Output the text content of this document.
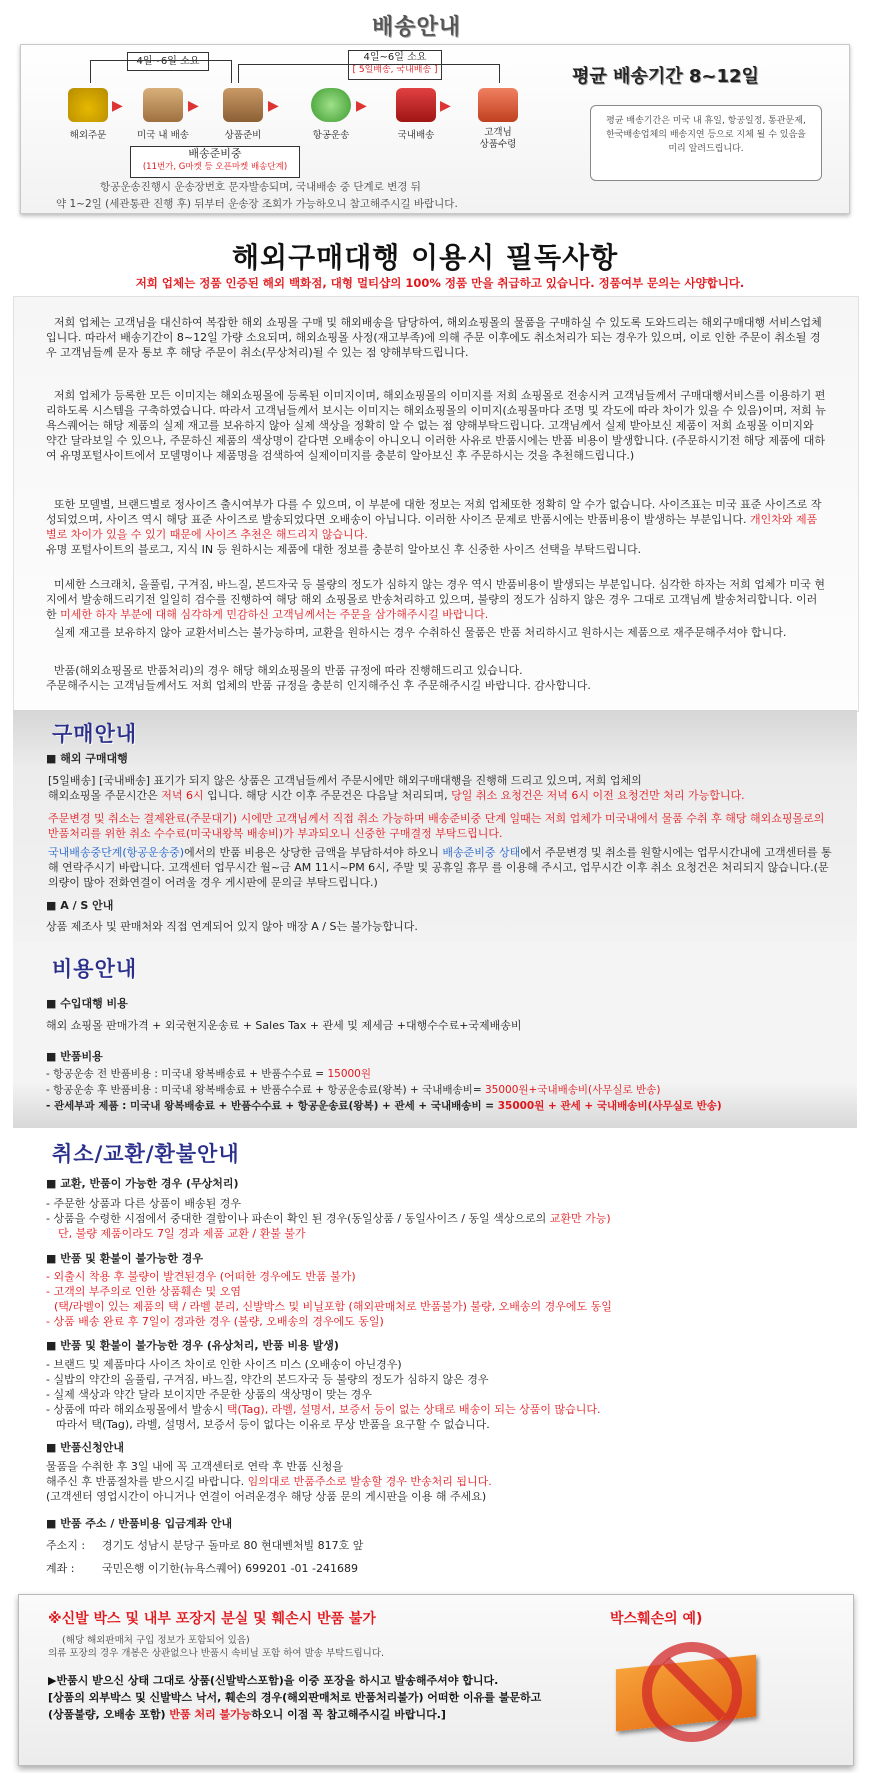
배송안내
4일~6일 소요	4일~6일 소요
[ 5일배송, 국내배송 ]
▶	▶	▶	▶	▶
해외주문	미국 내 배송	상품준비	항공운송	국내배송	고객님
상품수령
배송준비중
(11번가, G마켓 등 오픈마켓 배송단계)
항공운송진행시 운송장번호 문자발송되며, 국내배송 중 단계로 변경 뒤
약 1~2일 (세관통관 진행 후) 뒤부터 운송장 조회가 가능하오니 참고해주시길 바랍니다.
평균 배송기간 8~12일
평균 배송기간은 미국 내 휴일, 항공일정, 통관문제, 한국배송업체의 배송지연 등으로 지체 될 수 있음을 미리 알려드립니다.
해외구매대행 이용시 필독사항
저희 업체는 정품 인증된 해외 백화점, 대형 멀티샵의 100% 정품 만을 취급하고 있습니다. 정품여부 문의는 사양합니다.
저희 업체는 고객님을 대신하여 복잡한 해외 쇼핑몰 구매 및 해외배송을 담당하여, 해외쇼핑몰의 물품을 구매하실 수 있도록 도와드리는 해외구매대행 서비스업체입니다. 따라서 배송기간이 8~12일 가량 소요되며, 해외쇼핑몰 사정(재고부족)에 의해 주문 이후에도 취소처리가 되는 경우가 있으며, 이로 인한 주문이 취소될 경우 고객님들께 문자 통보 후 해당 주문이 취소(무상처리)될 수 있는 점 양해부탁드립니다.
저희 업체가 등록한 모든 이미지는 해외쇼핑몰에 등록된 이미지이며, 해외쇼핑몰의 이미지를 저희 쇼핑몰로 전송시켜 고객님들께서 구매대행서비스를 이용하기 편리하도록 시스템을 구축하였습니다. 따라서 고객님들께서 보시는 이미지는 해외쇼핑몰의 이미지(쇼핑몰마다 조명 및 각도에 따라 차이가 있을 수 있음)이며, 저희 뉴욕스퀘어는 해당 제품의 실제 재고를 보유하지 않아 실제 색상을 정확히 알 수 없는 점 양해부탁드립니다. 고객님께서 실제 받아보신 제품이 저희 쇼핑몰 이미지와 약간 달라보일 수 있으나, 주문하신 제품의 색상명이 같다면 오배송이 아니오니 이러한 사유로 반품시에는 반품 비용이 발생합니다. (주문하시기전 해당 제품에 대하여 유명포털사이트에서 모델명이나 제품명을 검색하여 실제이미지를 충분히 알아보신 후 주문하시는 것을 추천해드립니다.)
또한 모델별, 브랜드별로 정사이즈 출시여부가 다를 수 있으며, 이 부분에 대한 정보는 저희 업체또한 정확히 알 수가 없습니다. 사이즈표는 미국 표준 사이즈로 작성되었으며, 사이즈 역시 해당 표준 사이즈로 발송되었다면 오배송이 아닙니다. 이러한 사이즈 문제로 반품시에는 반품비용이 발생하는 부분입니다. 개인차와 제품별로 차이가 있을 수 있기 때문에 사이즈 추천은 해드리지 않습니다.
유명 포털사이트의 블로그, 지식 IN 등 원하시는 제품에 대한 정보를 충분히 알아보신 후 신중한 사이즈 선택을 부탁드립니다.
미세한 스크래치, 올풀림, 구겨짐, 바느질, 본드자국 등 불량의 정도가 심하지 않는 경우 역시 반품비용이 발생되는 부분입니다. 심각한 하자는 저희 업체가 미국 현지에서 발송해드리기전 일일히 검수를 진행하여 해당 해외 쇼핑몰로 반송처리하고 있으며, 불량의 정도가 심하지 않은 경우 그대로 고객님께 발송처리합니다. 이러한 미세한 하자 부분에 대해 심각하게 민감하신 고객님께서는 주문을 삼가해주시길 바랍니다.
실제 재고를 보유하지 않아 교환서비스는 불가능하며, 교환을 원하시는 경우 수취하신 물품은 반품 처리하시고 원하시는 제품으로 재주문해주셔야 합니다.
반품(해외쇼핑몰로 반품처리)의 경우 해당 해외쇼핑몰의 반품 규정에 따라 진행해드리고 있습니다.
주문해주시는 고객님들께서도 저희 업체의 반품 규정을 충분히 인지해주신 후 주문해주시길 바랍니다. 감사합니다.
구매안내
■ 해외 구매대행
[5일배송] [국내배송] 표기가 되지 않은 상품은 고객님들께서 주문시에만 해외구매대행을 진행해 드리고 있으며, 저희 업체의
해외쇼핑몰 주문시간은 저녁 6시 입니다. 해당 시간 이후 주문건은 다음날 처리되며, 당일 취소 요청건은 저녁 6시 이전 요청건만 처리 가능합니다.
주문변경 및 취소는 결제완료(주문대기) 시에만 고객님께서 직접 취소 가능하며 배송준비중 단계 일때는 저희 업체가 미국내에서 물품 수취 후 해당 해외쇼핑몰로의 반품처리를 위한 취소 수수료(미국내왕복 배송비)가 부과되오니 신중한 구매결정 부탁드립니다.
국내배송중단계(항공운송중)에서의 반품 비용은 상당한 금액을 부담하셔야 하오니 배송준비중 상태에서 주문변경 및 취소를 원할시에는 업무시간내에 고객센터를 통해 연락주시기 바랍니다. 고객센터 업무시간 월~금 AM 11시~PM 6시, 주말 및 공휴일 휴무 를 이용해 주시고, 업무시간 이후 취소 요청건은 처리되지 않습니다.(문의량이 많아 전화연결이 어려울 경우 게시판에 문의글 부탁드립니다.)
■ A / S 안내
상품 제조사 및 판매처와 직접 연계되어 있지 않아 매장 A / S는 불가능합니다.
비용안내
■ 수입대행 비용
해외 쇼핑몰 판매가격 + 외국현지운송료 + Sales Tax + 관세 및 제세금 +대행수수료+국제배송비
■ 반품비용
- 항공운송 전 반품비용 : 미국내 왕복배송료 + 반품수수료 = 15000원
- 항공운송 후 반품비용 : 미국내 왕복배송료 + 반품수수료 + 항공운송료(왕복) + 국내배송비= 35000원+국내배송비(사무실로 반송)
- 관세부과 제품 : 미국내 왕복배송료 + 반품수수료 + 항공운송료(왕복) + 관세 + 국내배송비 = 35000원 + 관세 + 국내배송비(사무실로 반송)
취소/교환/환불안내
■ 교환, 반품이 가능한 경우 (무상처리)
- 주문한 상품과 다른 상품이 배송된 경우
- 상품을 수령한 시점에서 중대한 결함이나 파손이 확인 된 경우(동일상품 / 동일사이즈 / 동일 색상으로의 교환만 가능)
단, 불량 제품이라도 7일 경과 제품 교환 / 환불 불가
■ 반품 및 환불이 불가능한 경우
- 외출시 착용 후 불량이 발견된경우 (어떠한 경우에도 반품 불가)
- 고객의 부주의로 인한 상품훼손 및 오염
(택/라벨이 있는 제품의 택 / 라벨 분리, 신발박스 및 비닐포함 (해외판매처로 반품불가) 불량, 오배송의 경우에도 동일
- 상품 배송 완료 후 7일이 경과한 경우 (불량, 오배송의 경우에도 동일)
■ 반품 및 환불이 불가능한 경우 (유상처리, 반품 비용 발생)
- 브랜드 및 제품마다 사이즈 차이로 인한 사이즈 미스 (오배송이 아닌경우)
- 실밥의 약간의 올풀림, 구겨짐, 바느질, 약간의 본드자국 등 불량의 정도가 심하지 않은 경우
- 실제 색상과 약간 달라 보이지만 주문한 상품의 색상명이 맞는 경우
- 상품에 따라 해외쇼핑몰에서 발송시 택(Tag), 라벨, 설명서, 보증서 등이 없는 상태로 배송이 되는 상품이 많습니다.
따라서 택(Tag), 라벨, 설명서, 보증서 등이 없다는 이유로 무상 반품을 요구할 수 없습니다.
■ 반품신청안내
물품을 수취한 후 3일 내에 꼭 고객센터로 연락 후 반품 신청을
해주신 후 반품절차를 받으시길 바랍니다. 임의대로 반품주소로 발송할 경우 반송처리 됩니다.
(고객센터 영업시간이 아니거나 연결이 어려운경우 해당 상품 문의 게시판을 이용 해 주세요)
■ 반품 주소 / 반품비용 입금계좌 안내
주소지 : 경기도 성남시 분당구 돌마로 80 현대벤처빌 817호 앞
계좌 :	국민은행 이기한(뉴욕스퀘어) 699201 -01 -241689
※신발 박스 및 내부 포장지 분실 및 훼손시 반품 불가	박스훼손의 예)
(해당 해외판매처 구입 정보가 포함되어 있음)
의류 포장의 경우 개봉은 상관없으나 반품시 속비닐 포함 하여 발송 부탁드립니다.
▶반품시 받으신 상태 그대로 상품(신발박스포함)을 이중 포장을 하시고 발송해주셔야 합니다.
[상품의 외부박스 및 신발박스 낙서, 훼손의 경우(해외판매처로 반품처리불가) 어떠한 이유를 불문하고
(상품불량, 오배송 포함) 반품 처리 불가능하오니 이점 꼭 참고해주시길 바랍니다.]
